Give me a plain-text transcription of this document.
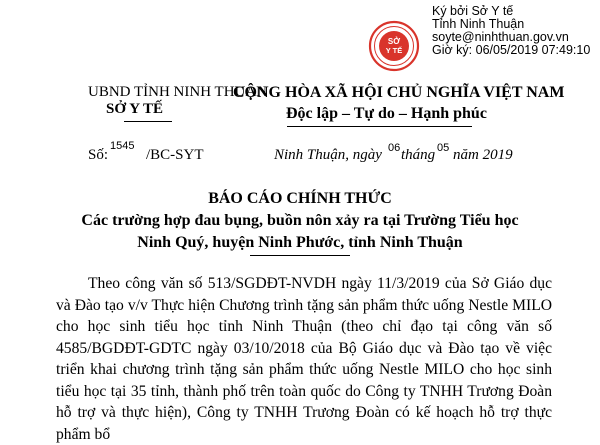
SỞ
Y TẾ
Ký bởi Sở Y tế
Tỉnh Ninh Thuận
soyte@ninhthuan.gov.vn
Giờ ký: 06/05/2019 07:49:10
UBND TỈNH NINH THUẬN
SỞ Y TẾ
CỘNG HÒA XÃ HỘI CHỦ NGHĨA VIỆT NAM
Độc lập – Tự do – Hạnh phúc
Số:
1545
/BC-SYT	Ninh Thuận, ngày 06 tháng 05 năm 2019
BÁO CÁO CHÍNH THỨC
Các trường hợp đau bụng, buồn nôn xảy ra tại Trường Tiểu học
Ninh Quý, huyện Ninh Phước, tỉnh Ninh Thuận

Theo công văn số 513/SGDĐT-NVDH ngày 11/3/2019 của Sở Giáo dục và Đào tạo v/v Thực hiện Chương trình tặng sản phẩm thức uống Nestle MILO cho học sinh tiểu học tỉnh Ninh Thuận (theo chỉ đạo tại công văn số 4585/BGDĐT-GDTC ngày 03/10/2018 của Bộ Giáo dục và Đào tạo về việc triển khai chương trình tặng sản phẩm thức uống Nestle MILO cho học sinh tiểu học tại 35 tỉnh, thành phố trên toàn quốc do Công ty TNHH Trương Đoàn hỗ trợ và thực hiện), Công ty TNHH Trương Đoàn có kế hoạch hỗ trợ thực phẩm bổ
